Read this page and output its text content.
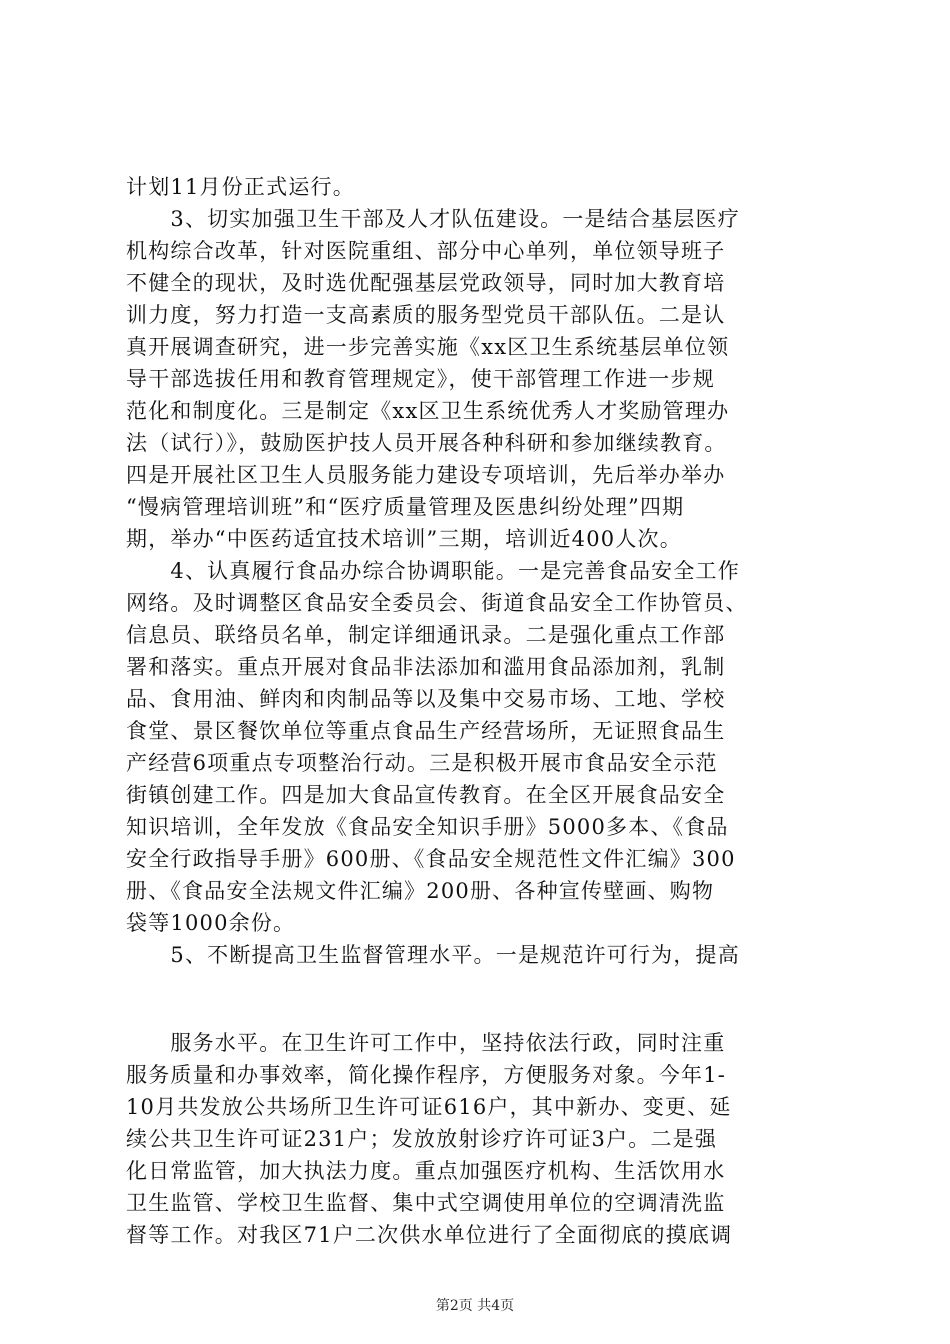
计划11月份正式运行。
　　3、切实加强卫生干部及人才队伍建设。一是结合基层医疗
机构综合改革，针对医院重组、部分中心单列，单位领导班子
不健全的现状，及时选优配强基层党政领导，同时加大教育培
训力度，努力打造一支高素质的服务型党员干部队伍。二是认
真开展调查研究，进一步完善实施《xx区卫生系统基层单位领
导干部选拔任用和教育管理规定》，使干部管理工作进一步规
范化和制度化。三是制定《xx区卫生系统优秀人才奖励管理办
法（试行）》，鼓励医护技人员开展各种科研和参加继续教育。
四是开展社区卫生人员服务能力建设专项培训，先后举办举办
“慢病管理培训班”和“医疗质量管理及医患纠纷处理”四期
期，举办“中医药适宜技术培训”三期，培训近400人次。
　　4、认真履行食品办综合协调职能。一是完善食品安全工作
网络。及时调整区食品安全委员会、街道食品安全工作协管员、
信息员、联络员名单，制定详细通讯录。二是强化重点工作部
署和落实。重点开展对食品非法添加和滥用食品添加剂，乳制
品、食用油、鲜肉和肉制品等以及集中交易市场、工地、学校
食堂、景区餐饮单位等重点食品生产经营场所，无证照食品生
产经营6项重点专项整治行动。三是积极开展市食品安全示范
街镇创建工作。四是加大食品宣传教育。在全区开展食品安全
知识培训，全年发放《食品安全知识手册》5000多本、《食品
安全行政指导手册》600册、《食品安全规范性文件汇编》300
册、《食品安全法规文件汇编》200册、各种宣传壁画、购物
袋等1000余份。
　　5、不断提高卫生监督管理水平。一是规范许可行为，提高
　　服务水平。在卫生许可工作中，坚持依法行政，同时注重
服务质量和办事效率，简化操作程序，方便服务对象。今年1-
10月共发放公共场所卫生许可证616户，其中新办、变更、延
续公共卫生许可证231户；发放放射诊疗许可证3户。二是强
化日常监管，加大执法力度。重点加强医疗机构、生活饮用水
卫生监管、学校卫生监督、集中式空调使用单位的空调清洗监
督等工作。对我区71户二次供水单位进行了全面彻底的摸底调
第2页 共4页
